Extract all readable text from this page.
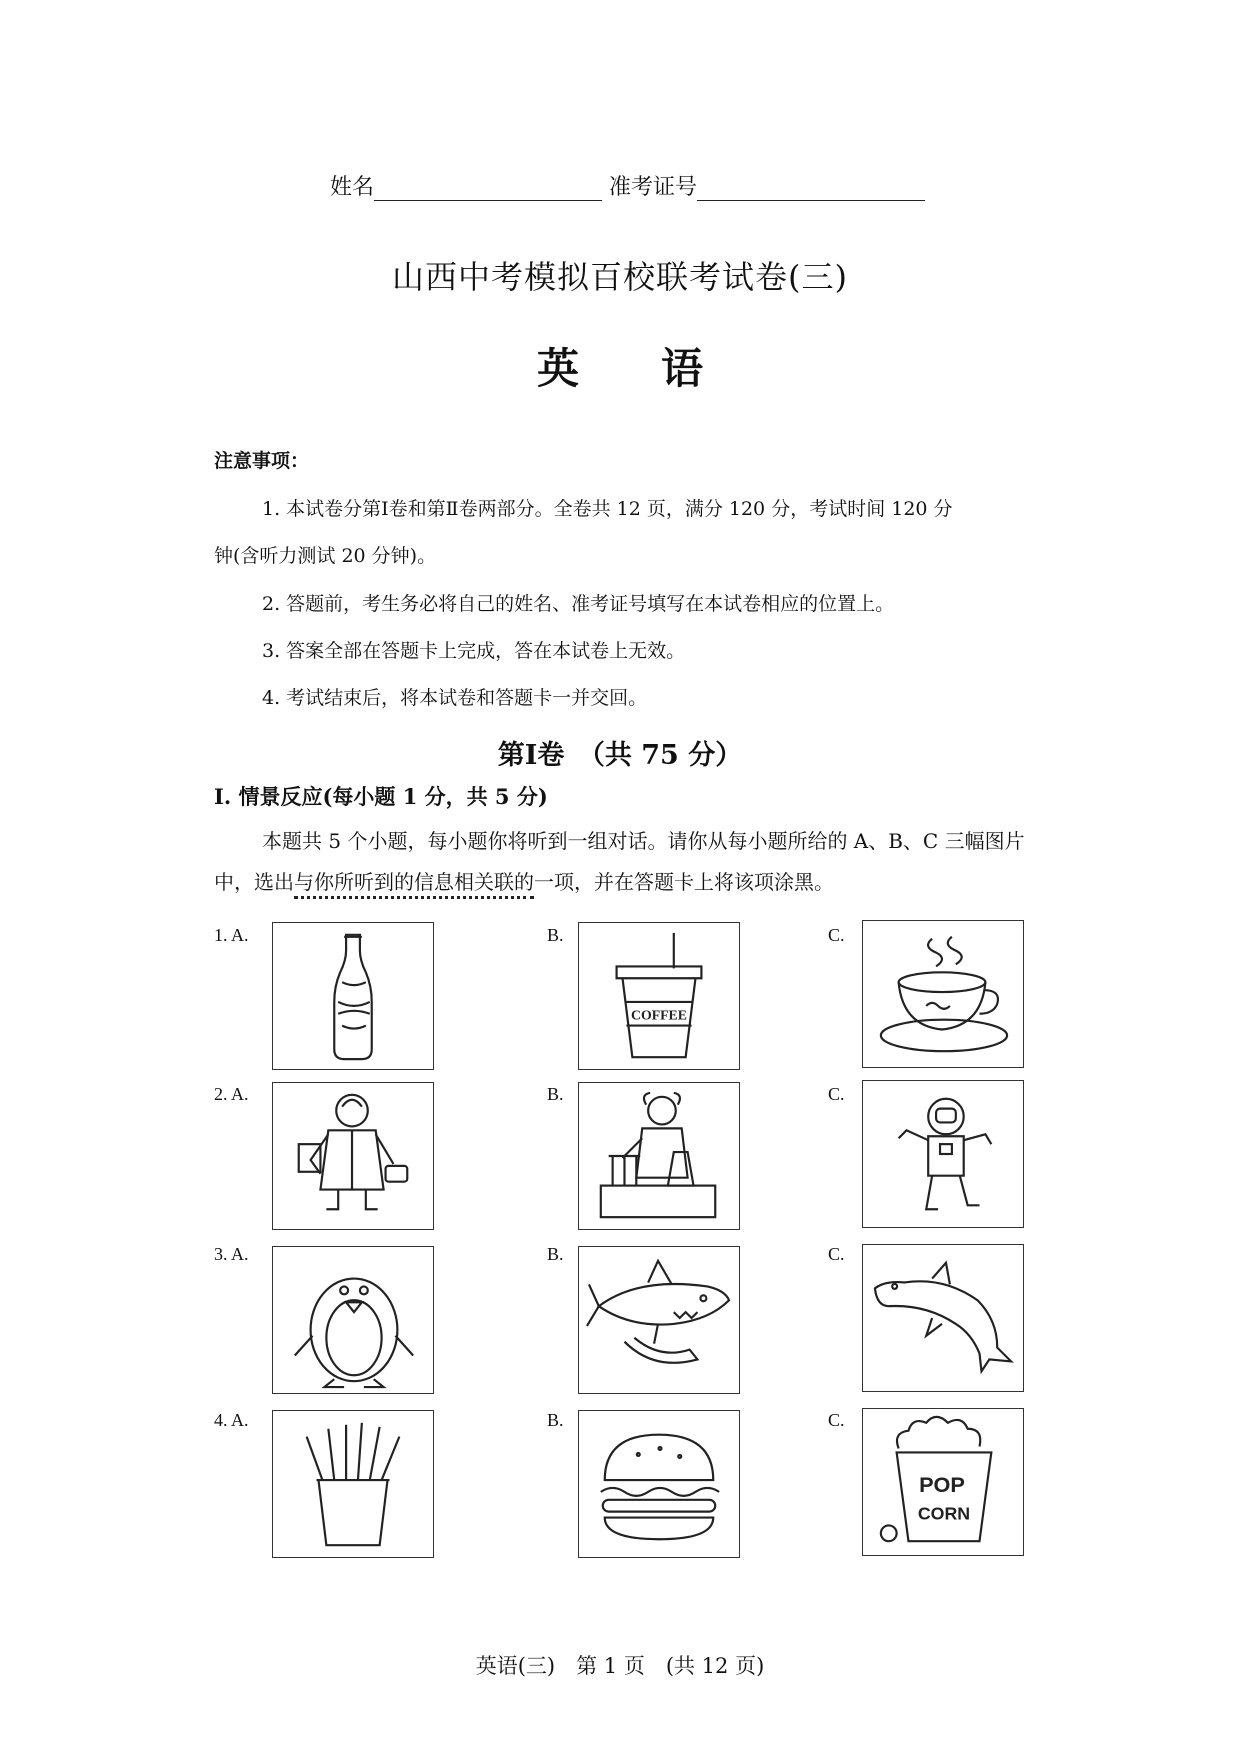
姓名	准考证号
山西中考模拟百校联考试卷(三)
英 语
注意事项：
1. 本试卷分第Ⅰ卷和第Ⅱ卷两部分。全卷共 12 页，满分 120 分，考试时间 120 分
钟(含听力测试 20 分钟)。
2. 答题前，考生务必将自己的姓名、准考证号填写在本试卷相应的位置上。
3. 答案全部在答题卡上完成，答在本试卷上无效。
4. 考试结束后，将本试卷和答题卡一并交回。
第Ⅰ卷　（共 75 分）
Ⅰ. 情景反应(每小题 1 分，共 5 分)
本题共 5 个小题，每小题你将听到一组对话。请你从每小题所给的 A、B、C 三幅图片
中，选出与你所听到的信息相关联的一项，并在答题卡上将该项涂黑。
1. A.	B.	C.
COFFEE
2. A.	B.	C.
3. A.	B.	C.
4. A.	B.	C.
POP
CORN
英语(三)　第 1 页　(共 12 页)
